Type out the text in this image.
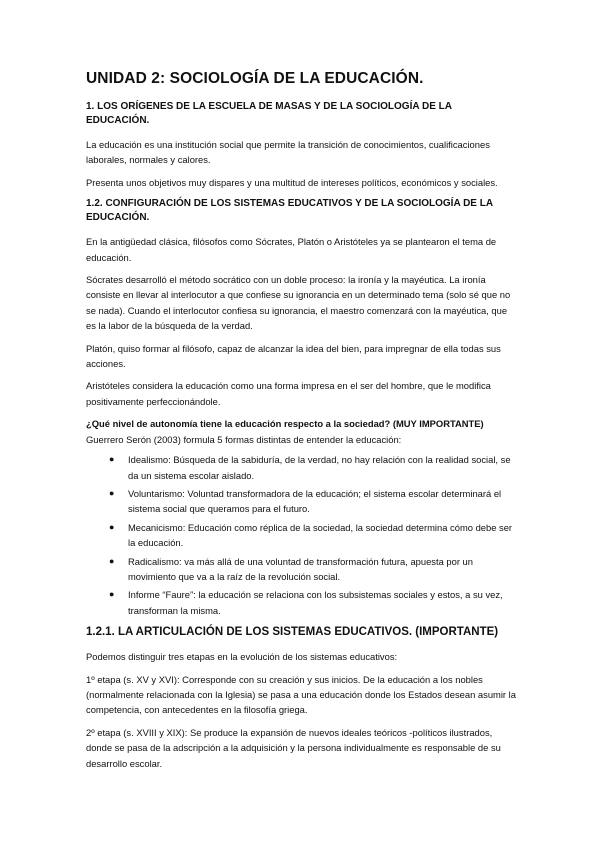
UNIDAD 2: SOCIOLOGÍA DE LA EDUCACIÓN.
1. LOS ORÍGENES DE LA ESCUELA DE MASAS Y DE LA SOCIOLOGÍA DE LA EDUCACIÓN.

La educación es una institución social que permite la transición de conocimientos, cualificaciones laborales, normales y calores.

Presenta unos objetivos muy dispares y una multitud de intereses políticos, económicos y sociales.

1.2. CONFIGURACIÓN DE LOS SISTEMAS EDUCATIVOS Y DE LA SOCIOLOGÍA DE LA EDUCACIÓN.

En la antigüedad clásica, filósofos como Sócrates, Platón o Aristóteles ya se plantearon el tema de educación.

Sócrates desarrolló el método socrático con un doble proceso: la ironía y la mayéutica. La ironía consiste en llevar al interlocutor a que confiese su ignorancia en un determinado tema (solo sé que no se nada). Cuando el interlocutor confiesa su ignorancia, el maestro comenzará con la mayéutica, que es la labor de la búsqueda de la verdad.

Platón, quiso formar al filósofo, capaz de alcanzar la idea del bien, para impregnar de ella todas sus acciones.

Aristóteles considera la educación como una forma impresa en el ser del hombre, que le modifica positivamente perfeccionándole.

¿Qué nivel de autonomía tiene la educación respecto a la sociedad? (MUY IMPORTANTE)
Guerrero Serón (2003) formula 5 formas distintas de entender la educación:

● Idealismo: Búsqueda de la sabiduría, de la verdad, no hay relación con la realidad social, se da un sistema escolar aislado.
● Voluntarismo: Voluntad transformadora de la educación; el sistema escolar determinará el sistema social que queramos para el futuro.
● Mecanicismo: Educación como réplica de la sociedad, la sociedad determina cómo debe ser la educación.
● Radicalismo: va más allá de una voluntad de transformación futura, apuesta por un movimiento que va a la raíz de la revolución social.
● Informe “Faure”: la educación se relaciona con los subsistemas sociales y estos, a su vez, transforman la misma.
1.2.1. LA ARTICULACIÓN DE LOS SISTEMAS EDUCATIVOS. (IMPORTANTE)

Podemos distinguir tres etapas en la evolución de los sistemas educativos:

1º etapa (s. XV y XVI): Corresponde con su creación y sus inicios. De la educación a los nobles (normalmente relacionada con la Iglesia) se pasa a una educación donde los Estados desean asumir la competencia, con antecedentes en la filosofía griega.

2º etapa (s. XVIII y XIX): Se produce la expansión de nuevos ideales teóricos -políticos ilustrados, donde se pasa de la adscripción a la adquisición y la persona individualmente es responsable de su desarrollo escolar.
